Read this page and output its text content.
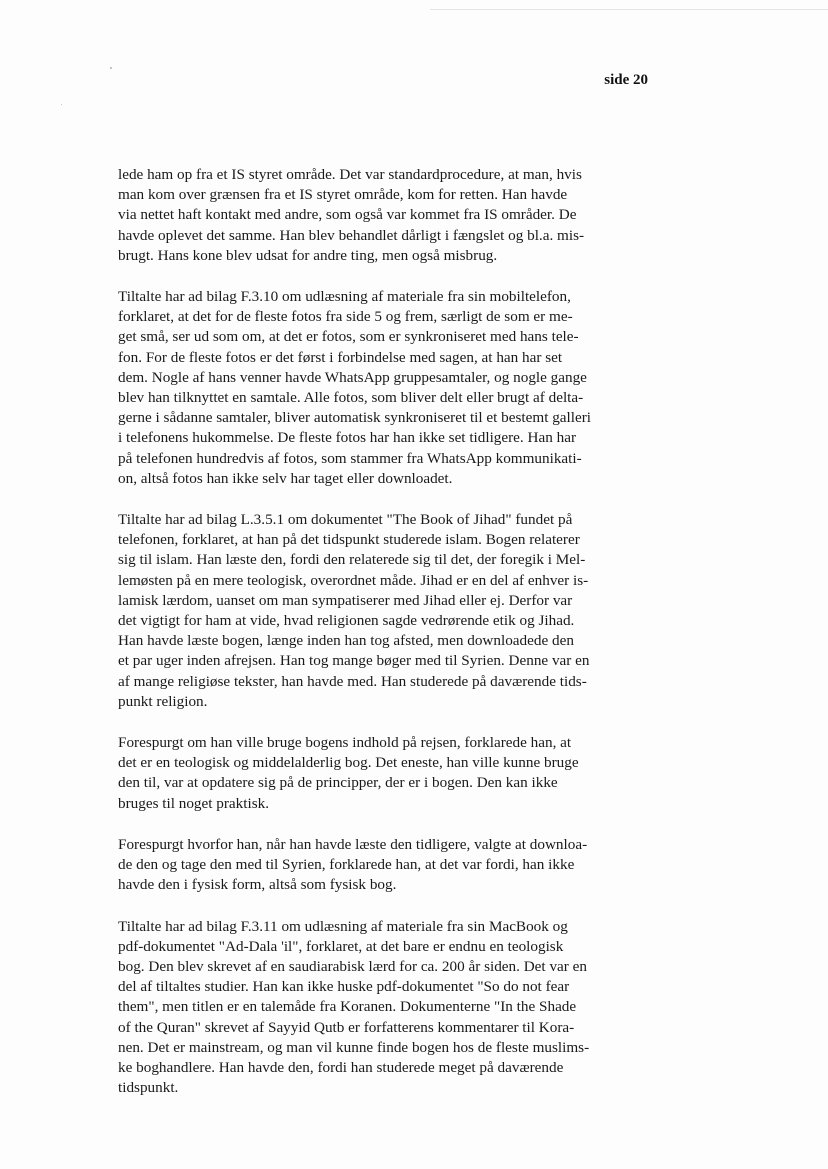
side 20

lede ham op fra et IS styret område. Det var standardprocedure, at man, hvis
man kom over grænsen fra et IS styret område, kom for retten. Han havde
via nettet haft kontakt med andre, som også var kommet fra IS områder. De
havde oplevet det samme. Han blev behandlet dårligt i fængslet og bl.a. mis-
brugt. Hans kone blev udsat for andre ting, men også misbrug.

Tiltalte har ad bilag F.3.10 om udlæsning af materiale fra sin mobiltelefon,
forklaret, at det for de fleste fotos fra side 5 og frem, særligt de som er me-
get små, ser ud som om, at det er fotos, som er synkroniseret med hans tele-
fon. For de fleste fotos er det først i forbindelse med sagen, at han har set
dem. Nogle af hans venner havde WhatsApp gruppesamtaler, og nogle gange
blev han tilknyttet en samtale. Alle fotos, som bliver delt eller brugt af delta-
gerne i sådanne samtaler, bliver automatisk synkroniseret til et bestemt galleri
i telefonens hukommelse. De fleste fotos har han ikke set tidligere. Han har
på telefonen hundredvis af fotos, som stammer fra WhatsApp kommunikati-
on, altså fotos han ikke selv har taget eller downloadet.

Tiltalte har ad bilag L.3.5.1 om dokumentet "The Book of Jihad" fundet på
telefonen, forklaret, at han på det tidspunkt studerede islam. Bogen relaterer
sig til islam. Han læste den, fordi den relaterede sig til det, der foregik i Mel-
lemøsten på en mere teologisk, overordnet måde. Jihad er en del af enhver is-
lamisk lærdom, uanset om man sympatiserer med Jihad eller ej. Derfor var
det vigtigt for ham at vide, hvad religionen sagde vedrørende etik og Jihad.
Han havde læste bogen, længe inden han tog afsted, men downloadede den
et par uger inden afrejsen. Han tog mange bøger med til Syrien. Denne var en
af mange religiøse tekster, han havde med. Han studerede på daværende tids-
punkt religion.

Forespurgt om han ville bruge bogens indhold på rejsen, forklarede han, at
det er en teologisk og middelalderlig bog. Det eneste, han ville kunne bruge
den til, var at opdatere sig på de principper, der er i bogen. Den kan ikke
bruges til noget praktisk.

Forespurgt hvorfor han, når han havde læste den tidligere, valgte at downloa-
de den og tage den med til Syrien, forklarede han, at det var fordi, han ikke
havde den i fysisk form, altså som fysisk bog.

Tiltalte har ad bilag F.3.11 om udlæsning af materiale fra sin MacBook og
pdf-dokumentet "Ad-Dala 'il", forklaret, at det bare er endnu en teologisk
bog. Den blev skrevet af en saudiarabisk lærd for ca. 200 år siden. Det var en
del af tiltaltes studier. Han kan ikke huske pdf-dokumentet "So do not fear
them", men titlen er en talemåde fra Koranen. Dokumenterne "In the Shade
of the Quran" skrevet af Sayyid Qutb er forfatterens kommentarer til Kora-
nen. Det er mainstream, og man vil kunne finde bogen hos de fleste muslims-
ke boghandlere. Han havde den, fordi han studerede meget på daværende
tidspunkt.
